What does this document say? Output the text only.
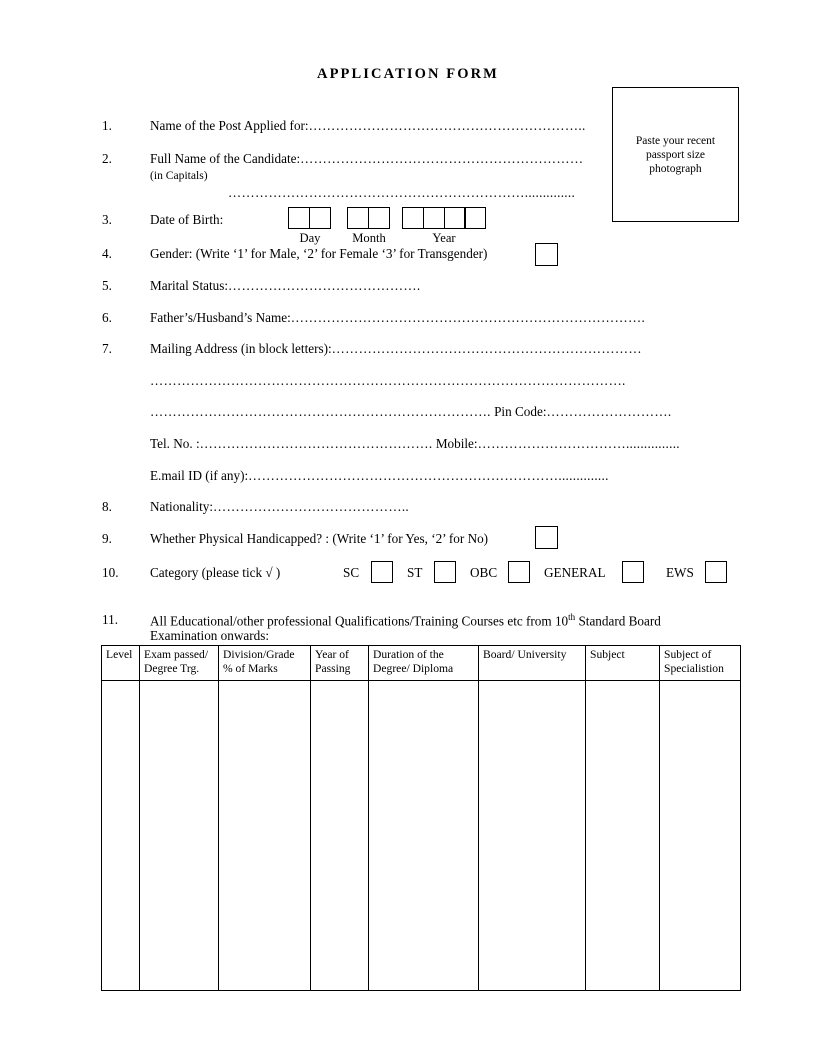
APPLICATION FORM
Paste your recent
passport size
photograph
1.	Name of the Post Applied for:……………………………………………………..
2.	Full Name of the Candidate:………………………………………………………
(in Capitals)
…………………………………………………………..............
3.	Date of Birth:
Day	Month	Year
4.	Gender: (Write ‘1’ for Male, ‘2’ for Female ‘3’ for Transgender)
5.	Marital Status:…………………………………….
6.	Father’s/Husband’s Name:…………………………………………………………………….
7.	Mailing Address (in block letters):……………………………………………………………
…………………………………………………………………………………………….
…………………………………………………………………. Pin Code:……………………….
Tel. No. :……………………………………………. Mobile:……………………………...............
E.mail ID (if any):……………………………………………………………..............
8.	Nationality:……………………………………..
9.	Whether Physical Handicapped? : (Write ‘1’ for Yes, ‘2’ for No)
10. Category (please tick √ )	SC	ST	OBC	GENERAL	EWS
11. All Educational/other professional Qualifications/Training Courses etc from 10th Standard Board
Examination onwards:
Level	Exam passed/ Degree Trg.	Division/Grade % of Marks	Year of Passing	Duration of the Degree/ Diploma	Board/ University	Subject	Subject of Specialistion
